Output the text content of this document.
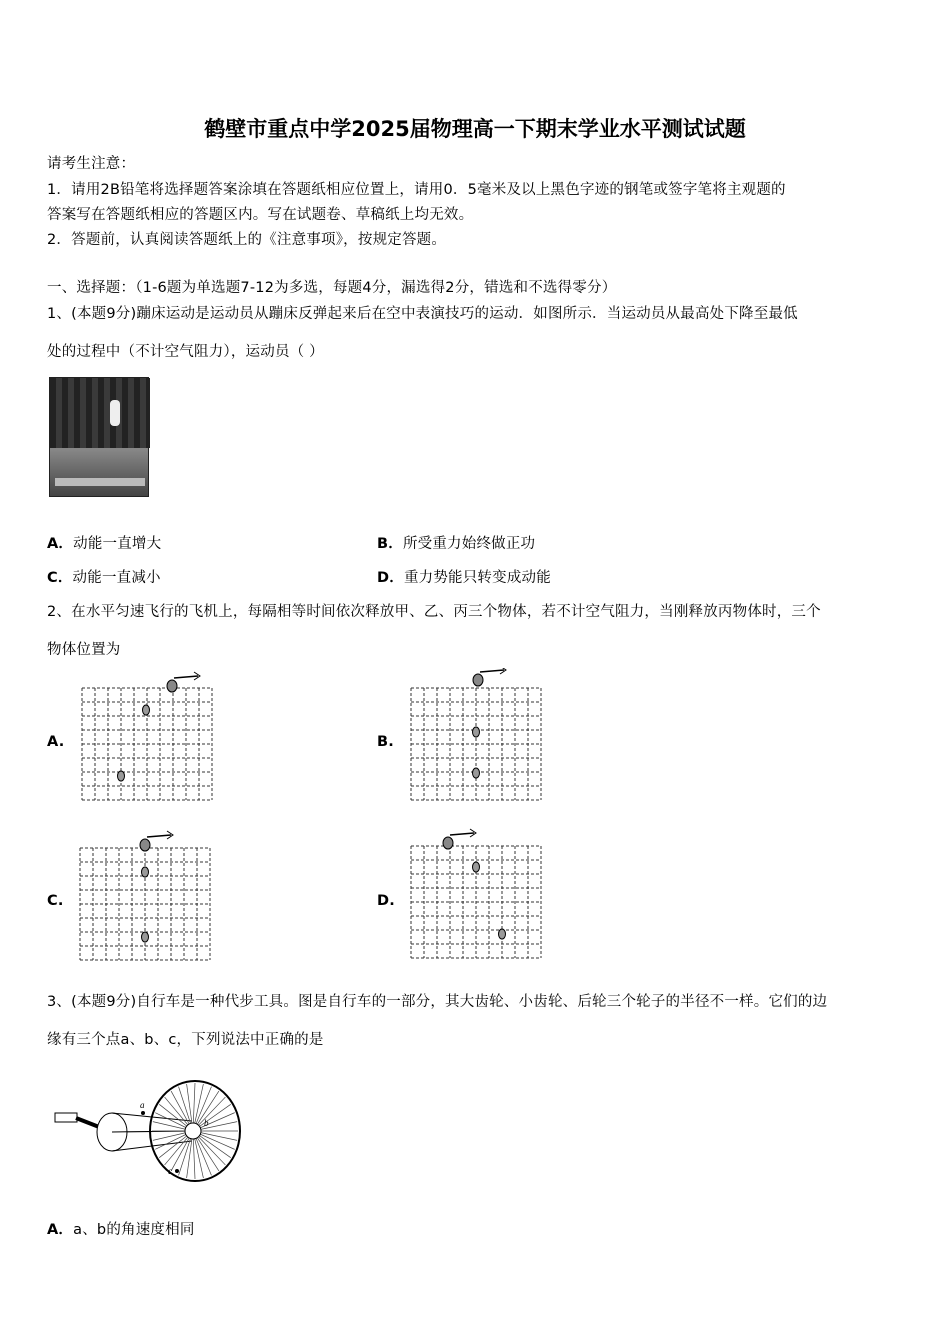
鹤壁市重点中学2025届物理高一下期末学业水平测试试题
请考生注意：
1．请用2B铅笔将选择题答案涂填在答题纸相应位置上，请用0．5毫米及以上黑色字迹的钢笔或签字笔将主观题的
答案写在答题纸相应的答题区内。写在试题卷、草稿纸上均无效。
2．答题前，认真阅读答题纸上的《注意事项》，按规定答题。
一、选择题：（1-6题为单选题7-12为多选，每题4分，漏选得2分，错选和不选得零分）
1、(本题9分)蹦床运动是运动员从蹦床反弹起来后在空中表演技巧的运动．如图所示．当运动员从最高处下降至最低
处的过程中（不计空气阻力），运动员（ ）
A．动能一直增大	B．所受重力始终做正功
C．动能一直减小	D．重力势能只转变成动能
2、在水平匀速飞行的飞机上，每隔相等时间依次释放甲、乙、丙三个物体，若不计空气阻力，当刚释放丙物体时，三个
物体位置为
A.	B.
C.	D.
3、(本题9分)自行车是一种代步工具。图是自行车的一部分，其大齿轮、小齿轮、后轮三个轮子的半径不一样。它们的边
缘有三个点a、b、c，下列说法中正确的是
a
b
c
A．a、b的角速度相同
